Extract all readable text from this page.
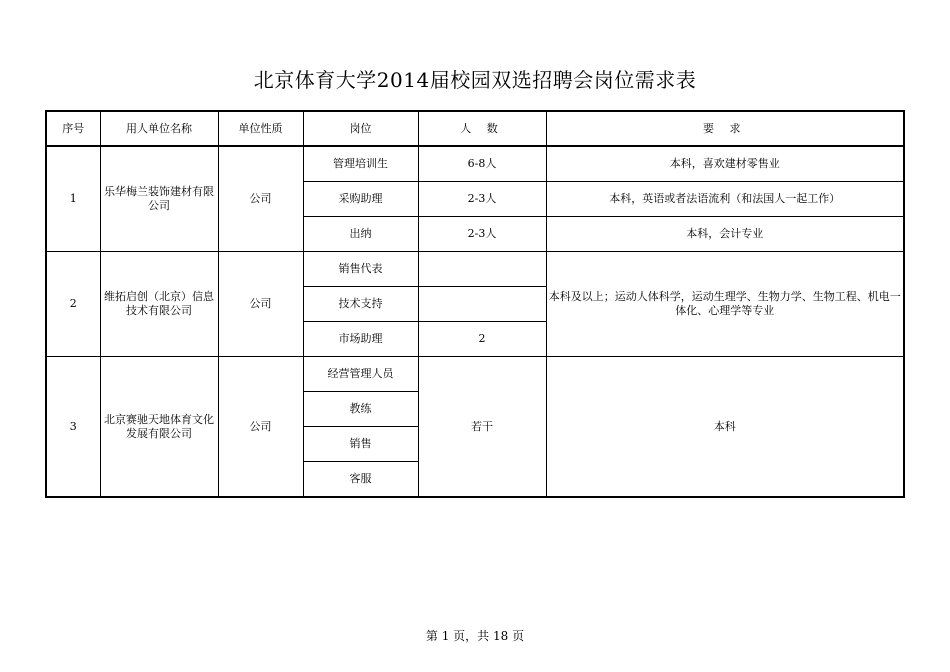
北京体育大学2014届校园双选招聘会岗位需求表
序号	用人单位名称	单位性质	岗位	人 数	要 求
1	乐华梅兰装饰建材有限公司	公司	管理培训生	6-8人	本科，喜欢建材零售业
			采购助理	2-3人	本科，英语或者法语流利（和法国人一起工作）
			出纳	2-3人	本科，会计专业
2	维拓启创（北京）信息技术有限公司	公司	销售代表		本科及以上；运动人体科学，运动生理学、生物力学、生物工程、机电一体化、心理学等专业
			技术支持		
			市场助理	2	
3	北京赛驰天地体育文化发展有限公司	公司	经营管理人员	若干	本科
			教练		
			销售		
			客服		
第 1 页，共 18 页
